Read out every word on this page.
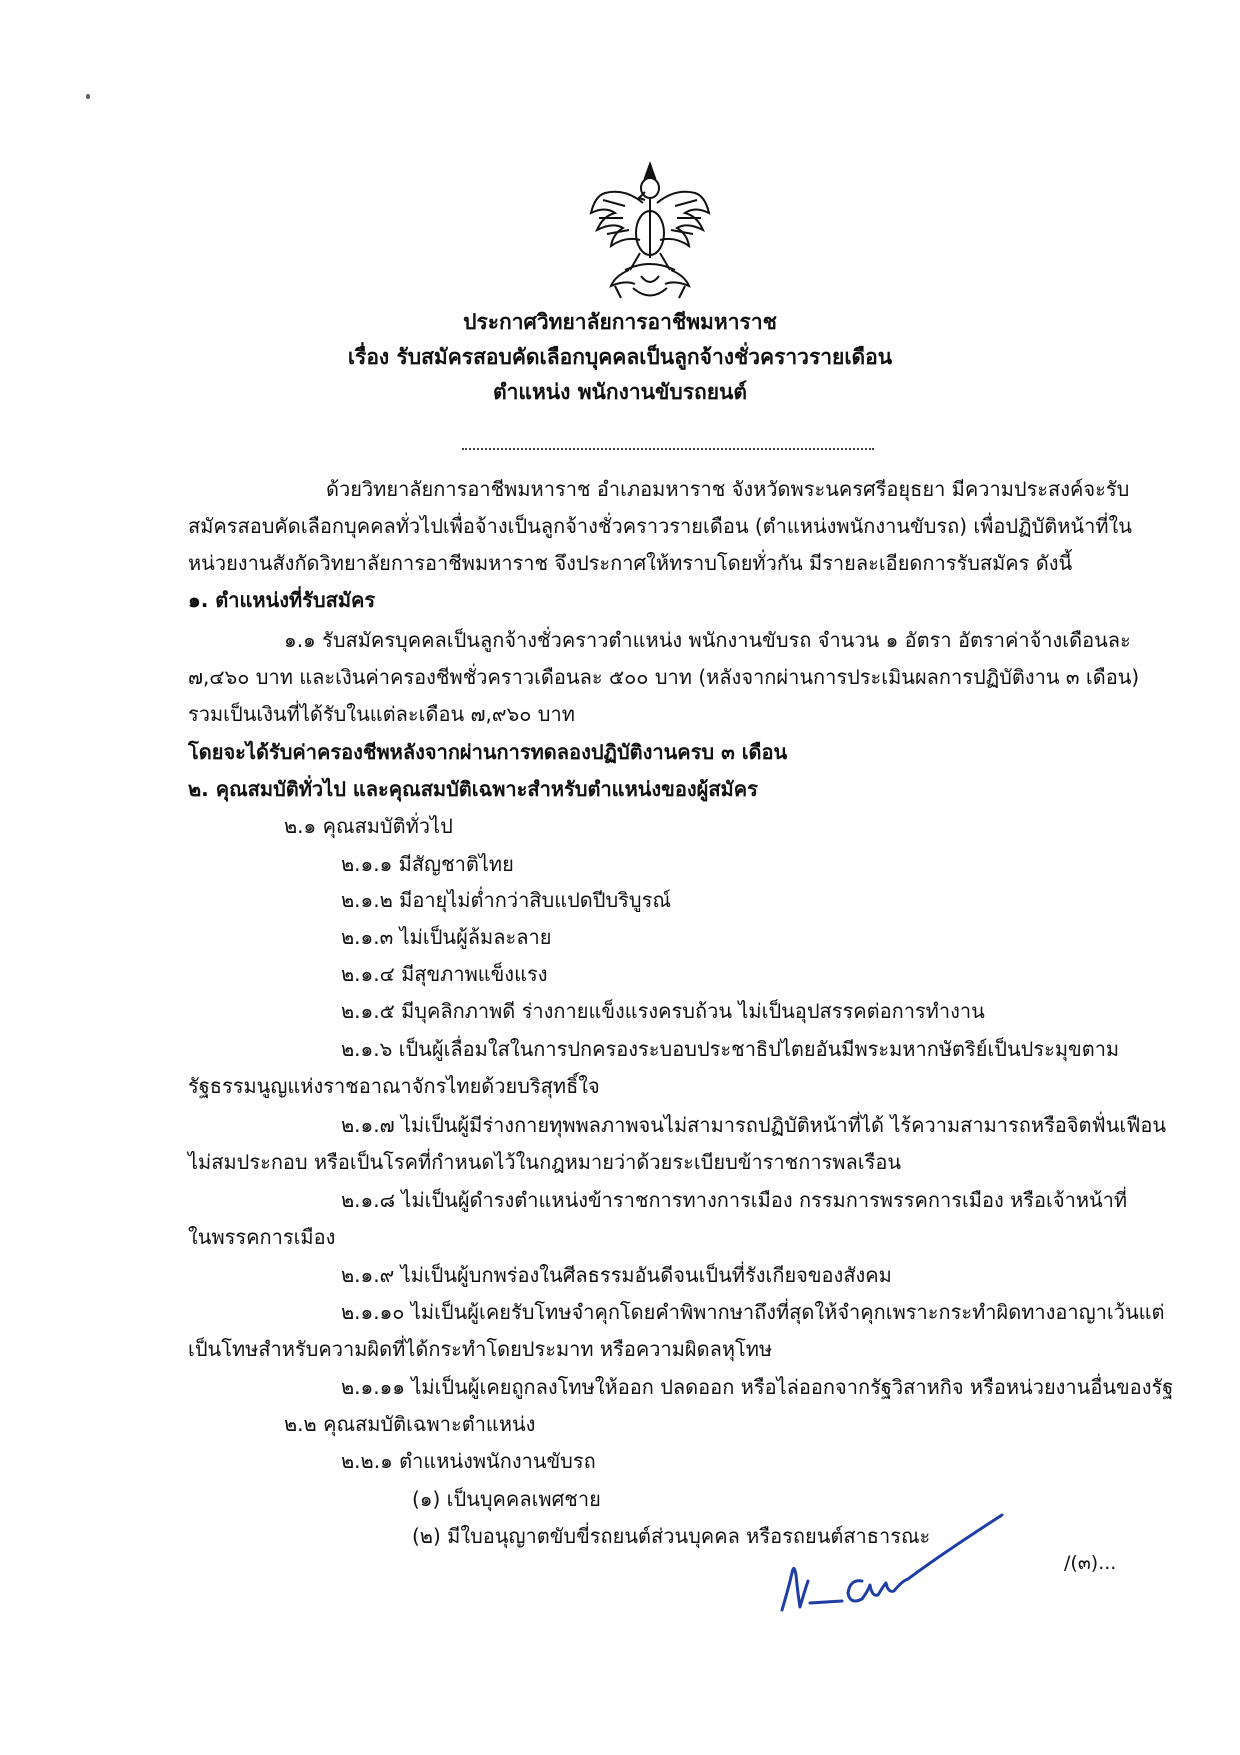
ประกาศวิทยาลัยการอาชีพมหาราช
เรื่อง รับสมัครสอบคัดเลือกบุคคลเป็นลูกจ้างชั่วคราวรายเดือน
ตำแหน่ง พนักงานขับรถยนต์
ด้วยวิทยาลัยการอาชีพมหาราช อำเภอมหาราช จังหวัดพระนครศรีอยุธยา มีความประสงค์จะรับ
สมัครสอบคัดเลือกบุคคลทั่วไปเพื่อจ้างเป็นลูกจ้างชั่วคราวรายเดือน (ตำแหน่งพนักงานขับรถ) เพื่อปฏิบัติหน้าที่ใน
หน่วยงานสังกัดวิทยาลัยการอาชีพมหาราช จึงประกาศให้ทราบโดยทั่วกัน มีรายละเอียดการรับสมัคร ดังนี้
๑. ตำแหน่งที่รับสมัคร
๑.๑ รับสมัครบุคคลเป็นลูกจ้างชั่วคราวตำแหน่ง พนักงานขับรถ จำนวน ๑ อัตรา อัตราค่าจ้างเดือนละ
๗,๔๖๐ บาท และเงินค่าครองชีพชั่วคราวเดือนละ ๕๐๐ บาท (หลังจากผ่านการประเมินผลการปฏิบัติงาน ๓ เดือน)
รวมเป็นเงินที่ได้รับในแต่ละเดือน ๗,๙๖๐ บาท
โดยจะได้รับค่าครองชีพหลังจากผ่านการทดลองปฏิบัติงานครบ ๓ เดือน
๒. คุณสมบัติทั่วไป และคุณสมบัติเฉพาะสำหรับตำแหน่งของผู้สมัคร
๒.๑ คุณสมบัติทั่วไป
๒.๑.๑ มีสัญชาติไทย
๒.๑.๒ มีอายุไม่ต่ำกว่าสิบแปดปีบริบูรณ์
๒.๑.๓ ไม่เป็นผู้ล้มละลาย
๒.๑.๔ มีสุขภาพแข็งแรง
๒.๑.๕ มีบุคลิกภาพดี ร่างกายแข็งแรงครบถ้วน ไม่เป็นอุปสรรคต่อการทำงาน
๒.๑.๖ เป็นผู้เลื่อมใสในการปกครองระบอบประชาธิปไตยอันมีพระมหากษัตริย์เป็นประมุขตาม
รัฐธรรมนูญแห่งราชอาณาจักรไทยด้วยบริสุทธิ์ใจ
๒.๑.๗ ไม่เป็นผู้มีร่างกายทุพพลภาพจนไม่สามารถปฏิบัติหน้าที่ได้ ไร้ความสามารถหรือจิตฟั่นเฟือน
ไม่สมประกอบ หรือเป็นโรคที่กำหนดไว้ในกฎหมายว่าด้วยระเบียบข้าราชการพลเรือน
๒.๑.๘ ไม่เป็นผู้ดำรงตำแหน่งข้าราชการทางการเมือง กรรมการพรรคการเมือง หรือเจ้าหน้าที่
ในพรรคการเมือง
๒.๑.๙ ไม่เป็นผู้บกพร่องในศีลธรรมอันดีจนเป็นที่รังเกียจของสังคม
๒.๑.๑๐ ไม่เป็นผู้เคยรับโทษจำคุกโดยคำพิพากษาถึงที่สุดให้จำคุกเพราะกระทำผิดทางอาญาเว้นแต่
เป็นโทษสำหรับความผิดที่ได้กระทำโดยประมาท หรือความผิดลหุโทษ
๒.๑.๑๑ ไม่เป็นผู้เคยถูกลงโทษให้ออก ปลดออก หรือไล่ออกจากรัฐวิสาหกิจ หรือหน่วยงานอื่นของรัฐ
๒.๒ คุณสมบัติเฉพาะตำแหน่ง
๒.๒.๑ ตำแหน่งพนักงานขับรถ
(๑) เป็นบุคคลเพศชาย
(๒) มีใบอนุญาตขับขี่รถยนต์ส่วนบุคคล หรือรถยนต์สาธารณะ
/(๓)...
